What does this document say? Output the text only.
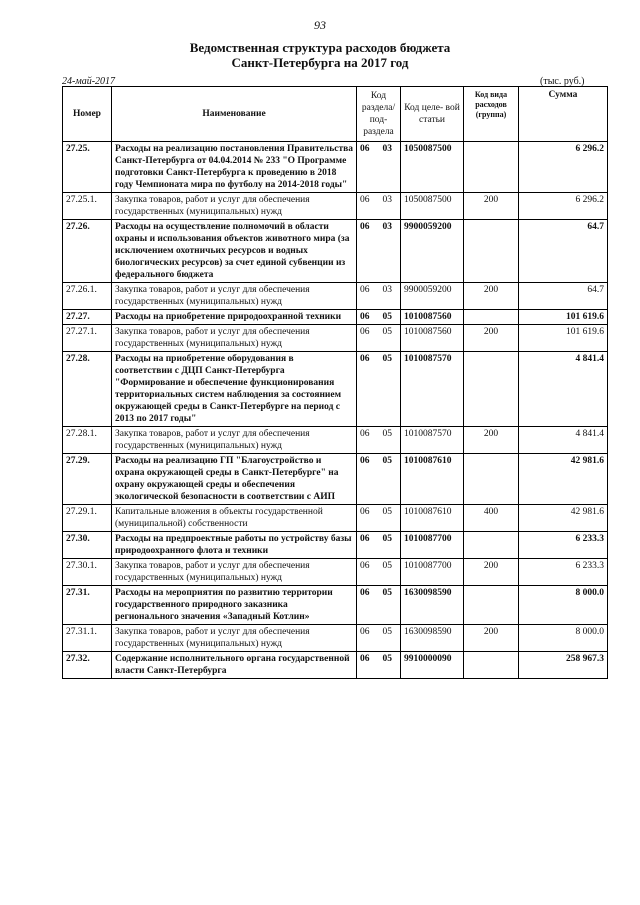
93
Ведомственная структура расходов бюджета
Санкт-Петербурга на 2017 год
24-май-2017	(тыс. руб.)
Номер	Наименование	Код раздела/ под- раздела	Код целе- вой статьи	Код вида расходов (группа)	Сумма
27.25.	Расходы на реализацию постановления Правительства Санкт-Петербурга от 04.04.2014 № 233 "О Программе подготовки Санкт-Петербурга к проведению в 2018 году Чемпионата мира по футболу на 2014-2018 годы"	06 03	1050087500		6 296.2
27.25.1.	Закупка товаров, работ и услуг для обеспечения государственных (муниципальных) нужд	06 03	1050087500	200	6 296.2
27.26.	Расходы на осуществление полномочий в области охраны и использования объектов животного мира (за исключением охотничьих ресурсов и водных биологических ресурсов) за счет единой субвенции из федерального бюджета	06 03	9900059200		64.7
27.26.1.	Закупка товаров, работ и услуг для обеспечения государственных (муниципальных) нужд	06 03	9900059200	200	64.7
27.27.	Расходы на приобретение природоохранной техники	06 05	1010087560		101 619.6
27.27.1.	Закупка товаров, работ и услуг для обеспечения государственных (муниципальных) нужд	06 05	1010087560	200	101 619.6
27.28.	Расходы на приобретение оборудования в соответствии с ДЦП Санкт-Петербурга "Формирование и обеспечение функционирования территориальных систем наблюдения за состоянием окружающей среды в Санкт-Петербурге на период с 2013 по 2017 годы"	06 05	1010087570		4 841.4
27.28.1.	Закупка товаров, работ и услуг для обеспечения государственных (муниципальных) нужд	06 05	1010087570	200	4 841.4
27.29.	Расходы на реализацию ГП "Благоустройство и охрана окружающей среды в Санкт-Петербурге" на охрану окружающей среды и обеспечения экологической безопасности в соответствии с АИП	06 05	1010087610		42 981.6
27.29.1.	Капитальные вложения в объекты государственной (муниципальной) собственности	06 05	1010087610	400	42 981.6
27.30.	Расходы на предпроектные работы по устройству базы природоохранного флота и техники	06 05	1010087700		6 233.3
27.30.1.	Закупка товаров, работ и услуг для обеспечения государственных (муниципальных) нужд	06 05	1010087700	200	6 233.3
27.31.	Расходы на мероприятия по развитию территории государственного природного заказника регионального значения «Западный Котлин»	06 05	1630098590		8 000.0
27.31.1.	Закупка товаров, работ и услуг для обеспечения государственных (муниципальных) нужд	06 05	1630098590	200	8 000.0
27.32.	Содержание исполнительного органа государственной власти Санкт-Петербурга	06 05	9910000090		258 967.3
